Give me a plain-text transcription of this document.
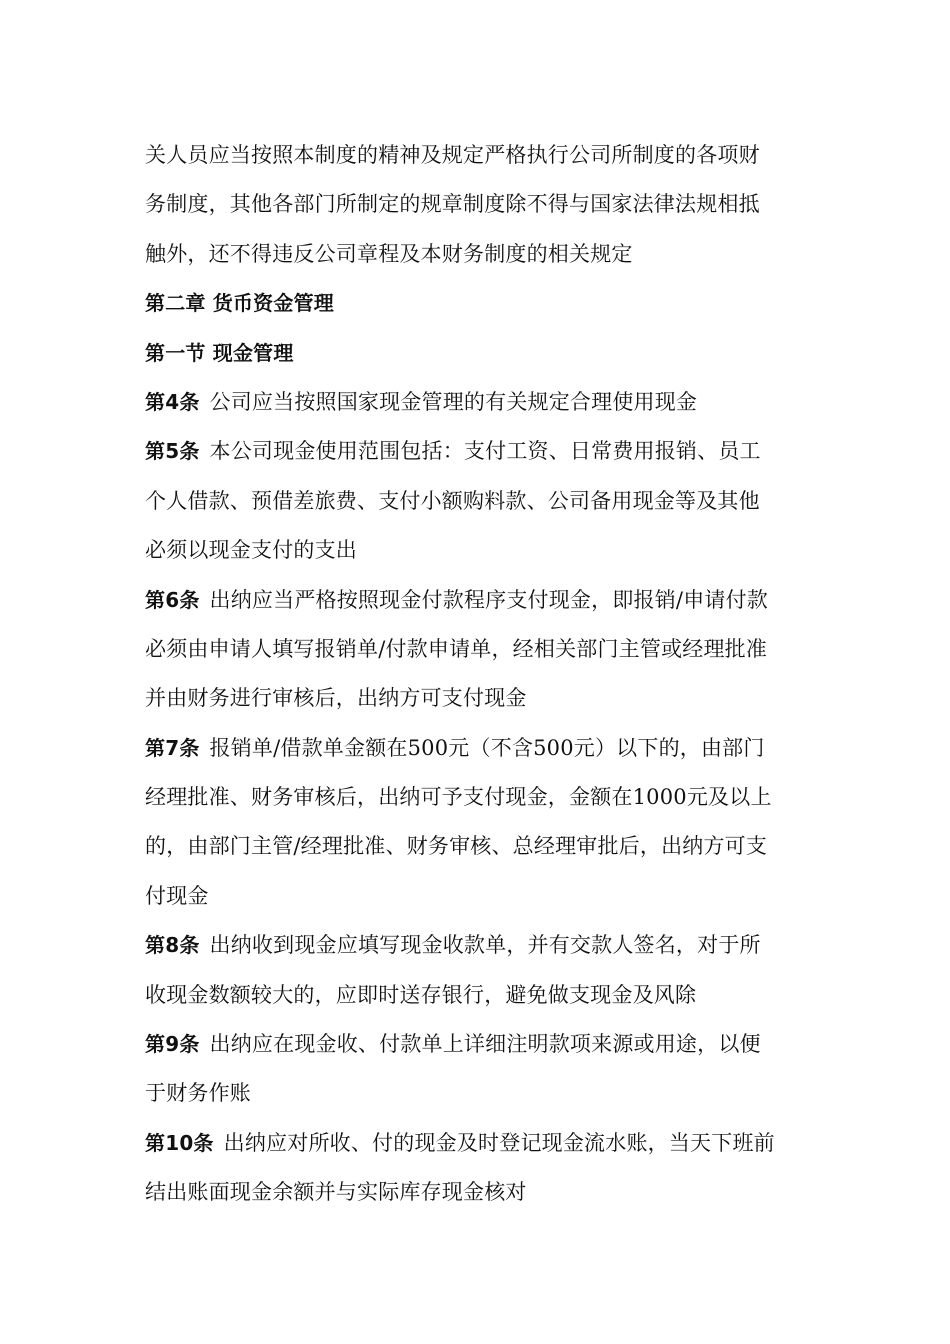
关人员应当按照本制度的精神及规定严格执行公司所制度的各项财
务制度，其他各部门所制定的规章制度除不得与国家法律法规相抵
触外，还不得违反公司章程及本财务制度的相关规定
第二章 货币资金管理
第一节 现金管理
第4条 公司应当按照国家现金管理的有关规定合理使用现金
第5条 本公司现金使用范围包括：支付工资、日常费用报销、员工
个人借款、预借差旅费、支付小额购料款、公司备用现金等及其他
必须以现金支付的支出
第6条 出纳应当严格按照现金付款程序支付现金，即报销/申请付款
必须由申请人填写报销单/付款申请单，经相关部门主管或经理批准
并由财务进行审核后，出纳方可支付现金
第7条 报销单/借款单金额在500元（不含500元）以下的，由部门
经理批准、财务审核后，出纳可予支付现金，金额在1000元及以上
的，由部门主管/经理批准、财务审核、总经理审批后，出纳方可支
付现金
第8条 出纳收到现金应填写现金收款单，并有交款人签名，对于所
收现金数额较大的，应即时送存银行，避免做支现金及风除
第9条 出纳应在现金收、付款单上详细注明款项来源或用途，以便
于财务作账
第10条 出纳应对所收、付的现金及时登记现金流水账，当天下班前
结出账面现金余额并与实际库存现金核对
